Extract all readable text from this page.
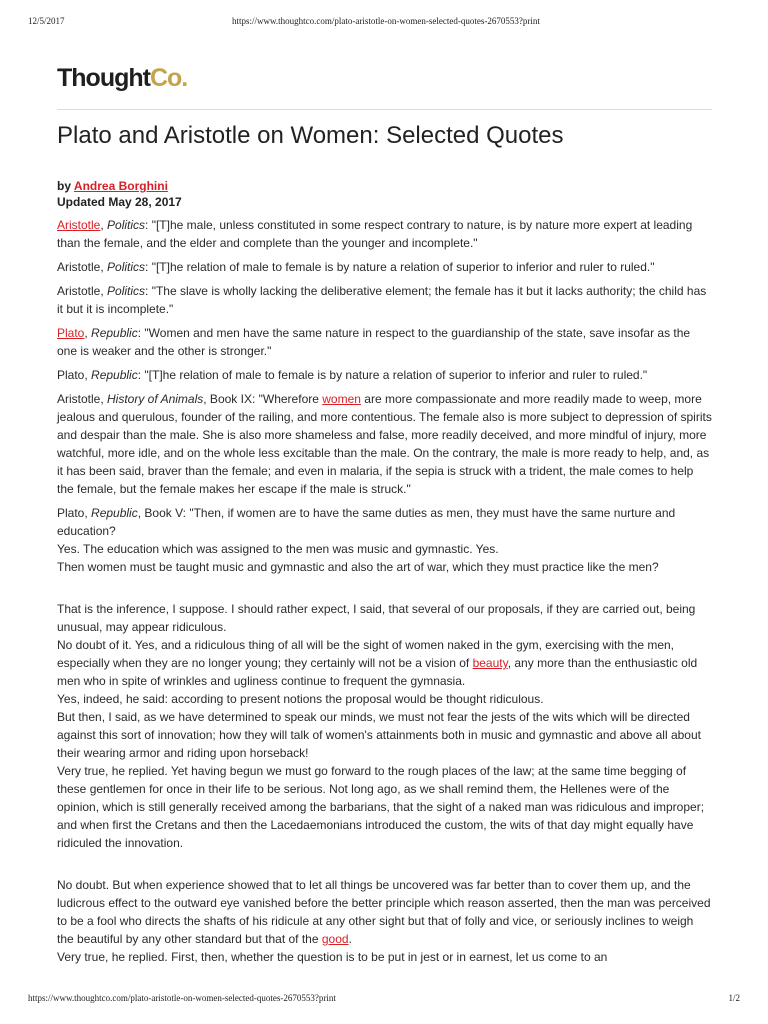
12/5/2017	https://www.thoughtco.com/plato-aristotle-on-women-selected-quotes-2670553?print
ThoughtCo.
Plato and Aristotle on Women: Selected Quotes
by Andrea Borghini
Updated May 28, 2017

Aristotle, Politics: "[T]he male, unless constituted in some respect contrary to nature, is by nature more expert at leading than the female, and the elder and complete than the younger and incomplete."

Aristotle, Politics: "[T]he relation of male to female is by nature a relation of superior to inferior and ruler to ruled."

Aristotle, Politics: "The slave is wholly lacking the deliberative element; the female has it but it lacks authority; the child has it but it is incomplete."

Plato, Republic: "Women and men have the same nature in respect to the guardianship of the state, save insofar as the one is weaker and the other is stronger."

Plato, Republic: "[T]he relation of male to female is by nature a relation of superior to inferior and ruler to ruled."

Aristotle, History of Animals, Book IX: "Wherefore women are more compassionate and more readily made to weep, more jealous and querulous, founder of the railing, and more contentious. The female also is more subject to depression of spirits and despair than the male. She is also more shameless and false, more readily deceived, and more mindful of injury, more watchful, more idle, and on the whole less excitable than the male. On the contrary, the male is more ready to help, and, as it has been said, braver than the female; and even in malaria, if the sepia is struck with a trident, the male comes to help the female, but the female makes her escape if the male is struck."

Plato, Republic, Book V: "Then, if women are to have the same duties as men, they must have the same nurture and education?
Yes. The education which was assigned to the men was music and gymnastic. Yes.
Then women must be taught music and gymnastic and also the art of war, which they must practice like the men?

That is the inference, I suppose. I should rather expect, I said, that several of our proposals, if they are carried out, being unusual, may appear ridiculous.
No doubt of it. Yes, and a ridiculous thing of all will be the sight of women naked in the gym, exercising with the men, especially when they are no longer young; they certainly will not be a vision of beauty, any more than the enthusiastic old men who in spite of wrinkles and ugliness continue to frequent the gymnasia.
Yes, indeed, he said: according to present notions the proposal would be thought ridiculous.
But then, I said, as we have determined to speak our minds, we must not fear the jests of the wits which will be directed against this sort of innovation; how they will talk of women's attainments both in music and gymnastic and above all about their wearing armor and riding upon horseback!
Very true, he replied. Yet having begun we must go forward to the rough places of the law; at the same time begging of these gentlemen for once in their life to be serious. Not long ago, as we shall remind them, the Hellenes were of the opinion, which is still generally received among the barbarians, that the sight of a naked man was ridiculous and improper; and when first the Cretans and then the Lacedaemonians introduced the custom, the wits of that day might equally have ridiculed the innovation.

No doubt. But when experience showed that to let all things be uncovered was far better than to cover them up, and the ludicrous effect to the outward eye vanished before the better principle which reason asserted, then the man was perceived to be a fool who directs the shafts of his ridicule at any other sight but that of folly and vice, or seriously inclines to weigh the beautiful by any other standard but that of the good.
Very true, he replied. First, then, whether the question is to be put in jest or in earnest, let us come to an

https://www.thoughtco.com/plato-aristotle-on-women-selected-quotes-2670553?print	1/2
